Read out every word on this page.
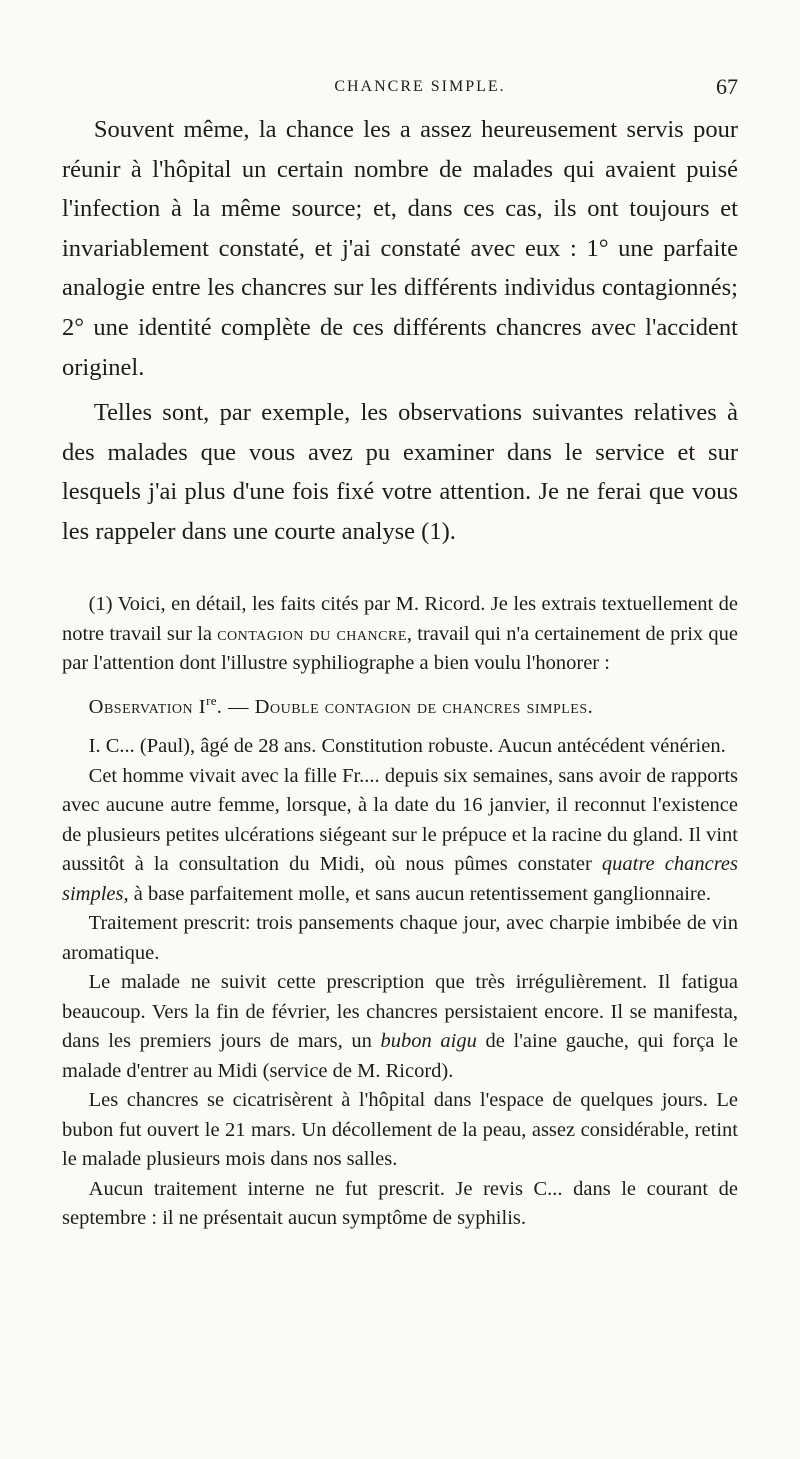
CHANCRE SIMPLE.	67

Souvent même, la chance les a assez heureusement servis pour réunir à l'hôpital un certain nombre de malades qui avaient puisé l'infection à la même source; et, dans ces cas, ils ont toujours et invariablement constaté, et j'ai constaté avec eux : 1° une parfaite analogie entre les chancres sur les différents individus contagionnés; 2° une identité complète de ces différents chancres avec l'accident originel.

Telles sont, par exemple, les observations suivantes relatives à des malades que vous avez pu examiner dans le service et sur lesquels j'ai plus d'une fois fixé votre attention. Je ne ferai que vous les rappeler dans une courte analyse (1).

(1) Voici, en détail, les faits cités par M. Ricord. Je les extrais textuellement de notre travail sur la contagion du chancre, travail qui n'a certainement de prix que par l'attention dont l'illustre syphiliographe a bien voulu l'honorer :

Observation Ire. — Double contagion de chancres simples.

I. C... (Paul), âgé de 28 ans. Constitution robuste. Aucun antécédent vénérien.

Cet homme vivait avec la fille Fr.... depuis six semaines, sans avoir de rapports avec aucune autre femme, lorsque, à la date du 16 janvier, il reconnut l'existence de plusieurs petites ulcérations siégeant sur le prépuce et la racine du gland. Il vint aussitôt à la consultation du Midi, où nous pûmes constater quatre chancres simples, à base parfaitement molle, et sans aucun retentissement ganglionnaire.

Traitement prescrit: trois pansements chaque jour, avec charpie imbibée de vin aromatique.

Le malade ne suivit cette prescription que très irrégulièrement. Il fatigua beaucoup. Vers la fin de février, les chancres persistaient encore. Il se manifesta, dans les premiers jours de mars, un bubon aigu de l'aine gauche, qui força le malade d'entrer au Midi (service de M. Ricord).

Les chancres se cicatrisèrent à l'hôpital dans l'espace de quelques jours. Le bubon fut ouvert le 21 mars. Un décollement de la peau, assez considérable, retint le malade plusieurs mois dans nos salles.

Aucun traitement interne ne fut prescrit. Je revis C... dans le courant de septembre : il ne présentait aucun symptôme de syphilis.
